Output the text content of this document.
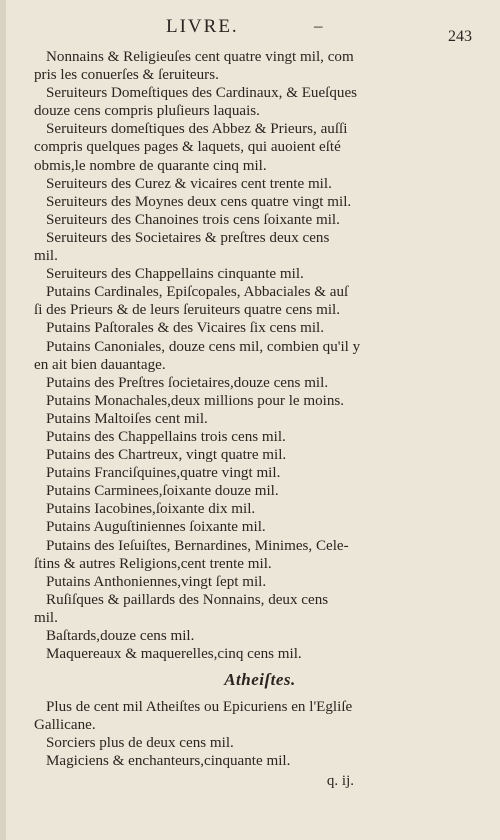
LIVRE.	–
243

Nonnains & Religieuſes cent quatre vingt mil, com
pris les conuerſes & ſeruiteurs.

Seruiteurs Domeſtiques des Cardinaux, & Eueſques
douze cens compris pluſieurs laquais.

Seruiteurs domeſtiques des Abbez & Prieurs, auſſi
compris quelques pages & laquets, qui auoient eſté
obmis,le nombre de quarante cinq mil.

Seruiteurs des Curez & vicaires cent trente mil.

Seruiteurs des Moynes deux cens quatre vingt mil.

Seruiteurs des Chanoines trois cens ſoixante mil.

Seruiteurs des Societaires & preſtres deux cens
mil.

Seruiteurs des Chappellains cinquante mil.

Putains Cardinales, Epiſcopales, Abbaciales & auſ
ſi des Prieurs & de leurs ſeruiteurs quatre cens mil.

Putains Paſtorales & des Vicaires ſix cens mil.

Putains Canoniales, douze cens mil, combien qu'il y
en ait bien dauantage.

Putains des Preſtres ſocietaires,douze cens mil.

Putains Monachales,deux millions pour le moins.

Putains Maltoiſes cent mil.

Putains des Chappellains trois cens mil.

Putains des Chartreux, vingt quatre mil.

Putains Franciſquines,quatre vingt mil.

Putains Carminees,ſoixante douze mil.

Putains Iacobines,ſoixante dix mil.

Putains Auguſtiniennes ſoixante mil.

Putains des Ieſuiſtes, Bernardines, Minimes, Cele-
ſtins & autres Religions,cent trente mil.

Putains Anthoniennes,vingt ſept mil.

Ruſiſques & paillards des Nonnains, deux cens
mil.

Baſtards,douze cens mil.

Maquereaux & maquerelles,cinq cens mil.

Atheiſtes.

Plus de cent mil Atheiſtes ou Epicuriens en l'Egliſe
Gallicane.

Sorciers plus de deux cens mil.

Magiciens & enchanteurs,cinquante mil.

q. ij.
